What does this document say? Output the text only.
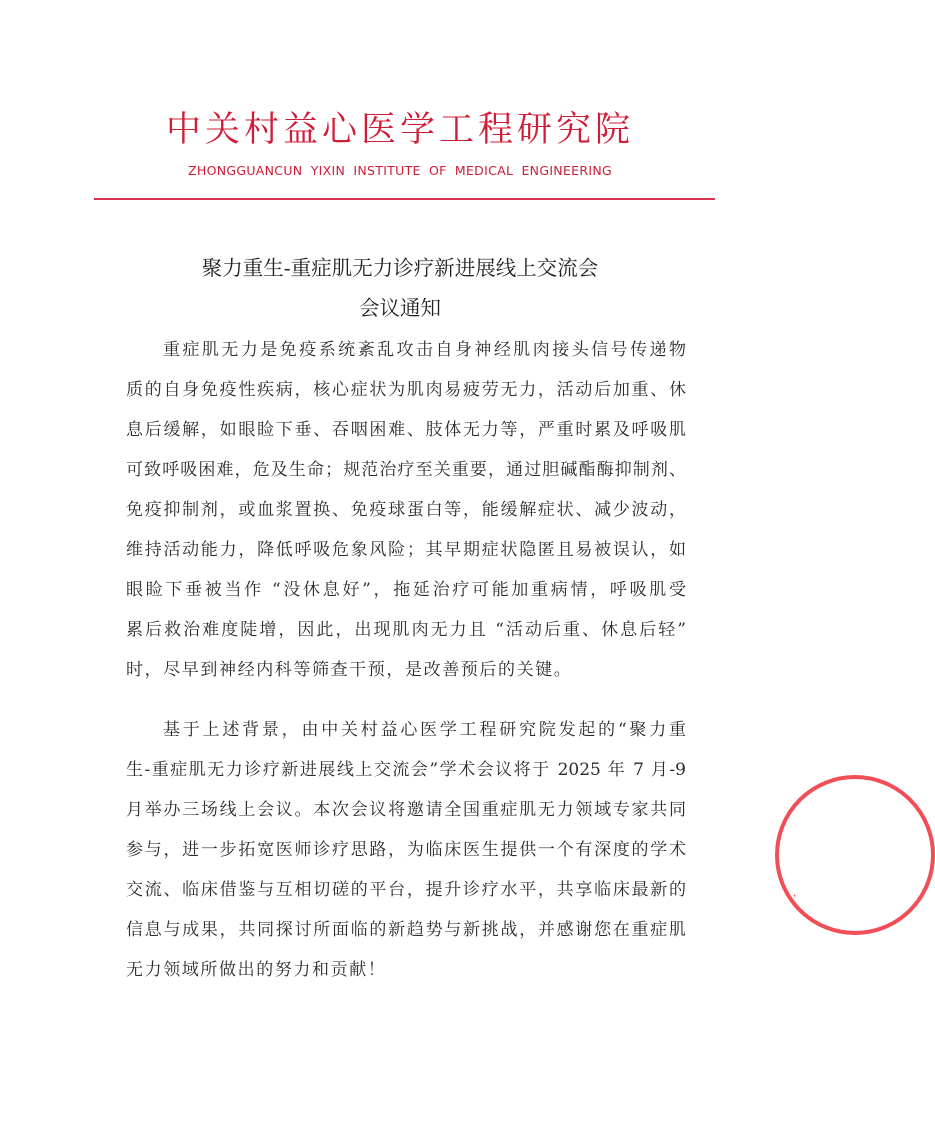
中关村益心医学工程研究院
ZHONGGUANCUN YIXIN INSTITUTE OF MEDICAL ENGINEERING
聚力重生-重症肌无力诊疗新进展线上交流会
会议通知
重症肌无力是免疫系统紊乱攻击自身神经肌肉接头信号传递物
质的自身免疫性疾病，核心症状为肌肉易疲劳无力，活动后加重、休
息后缓解，如眼睑下垂、吞咽困难、肢体无力等，严重时累及呼吸肌
可致呼吸困难，危及生命；规范治疗至关重要，通过胆碱酯酶抑制剂、
免疫抑制剂，或血浆置换、免疫球蛋白等，能缓解症状、减少波动，
维持活动能力，降低呼吸危象风险；其早期症状隐匿且易被误认，如
眼睑下垂被当作 “没休息好”，拖延治疗可能加重病情，呼吸肌受
累后救治难度陡增，因此，出现肌肉无力且 “活动后重、休息后轻”
时，尽早到神经内科等筛查干预，是改善预后的关键。
基于上述背景，由中关村益心医学工程研究院发起的“聚力重
生-重症肌无力诊疗新进展线上交流会”学术会议将于 2025 年 7 月-9
月举办三场线上会议。本次会议将邀请全国重症肌无力领域专家共同
参与，进一步拓宽医师诊疗思路，为临床医生提供一个有深度的学术
交流、临床借鉴与互相切磋的平台，提升诊疗水平，共享临床最新的
信息与成果，共同探讨所面临的新趋势与新挑战，并感谢您在重症肌
无力领域所做出的努力和贡献！
，
